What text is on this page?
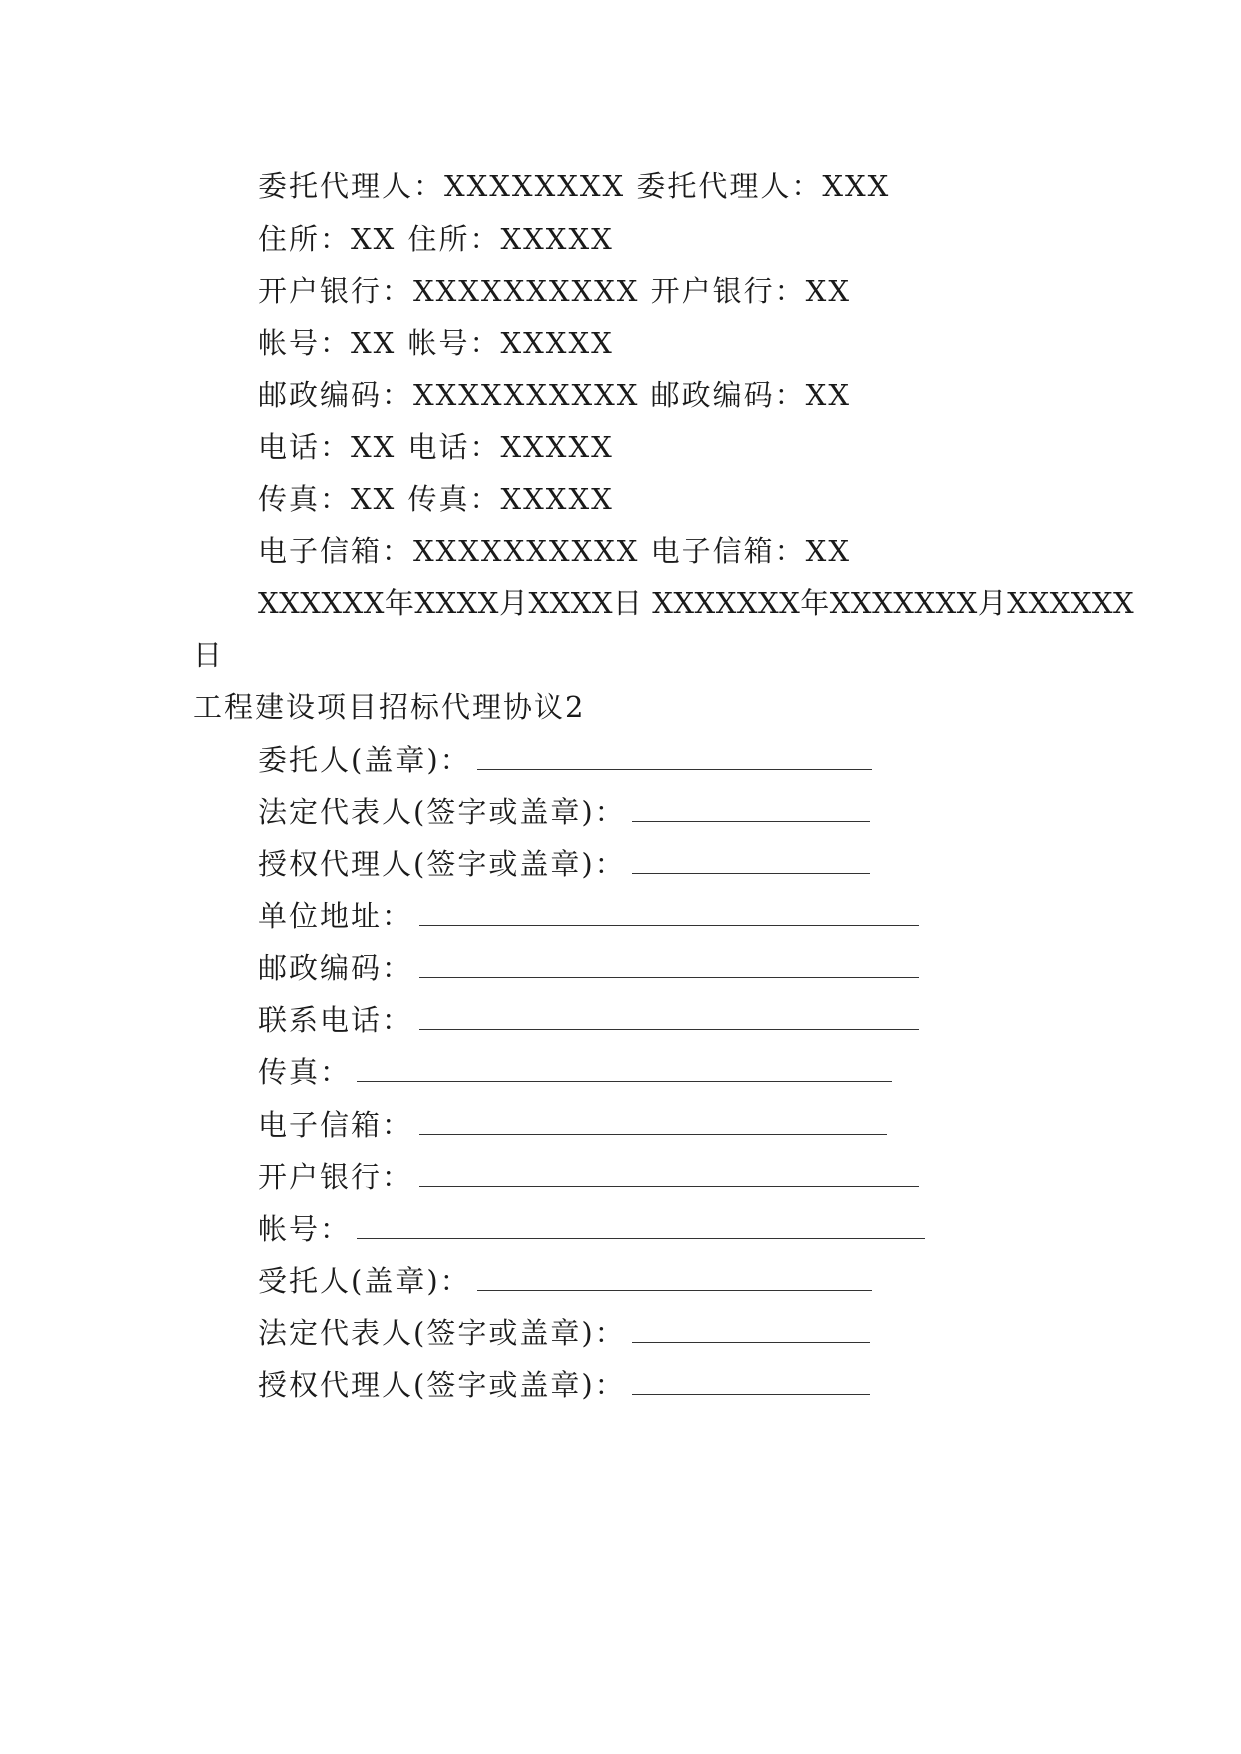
委托代理人：XXXXXXXX 委托代理人：XXX
住所：XX 住所：XXXXX
开户银行：XXXXXXXXXX 开户银行：XX
帐号：XX 帐号：XXXXX
邮政编码：XXXXXXXXXX 邮政编码：XX
电话：XX 电话：XXXXX
传真：XX 传真：XXXXX
电子信箱：XXXXXXXXXX 电子信箱：XX
XXXXXX年XXXX月XXXX日 XXXXXXX年XXXXXXX月XXXXXX
日
工程建设项目招标代理协议2
委托人(盖章)：
法定代表人(签字或盖章)：
授权代理人(签字或盖章)：
单位地址：
邮政编码：
联系电话：
传真：
电子信箱：
开户银行：
帐号：
受托人(盖章)：
法定代表人(签字或盖章)：
授权代理人(签字或盖章)：
